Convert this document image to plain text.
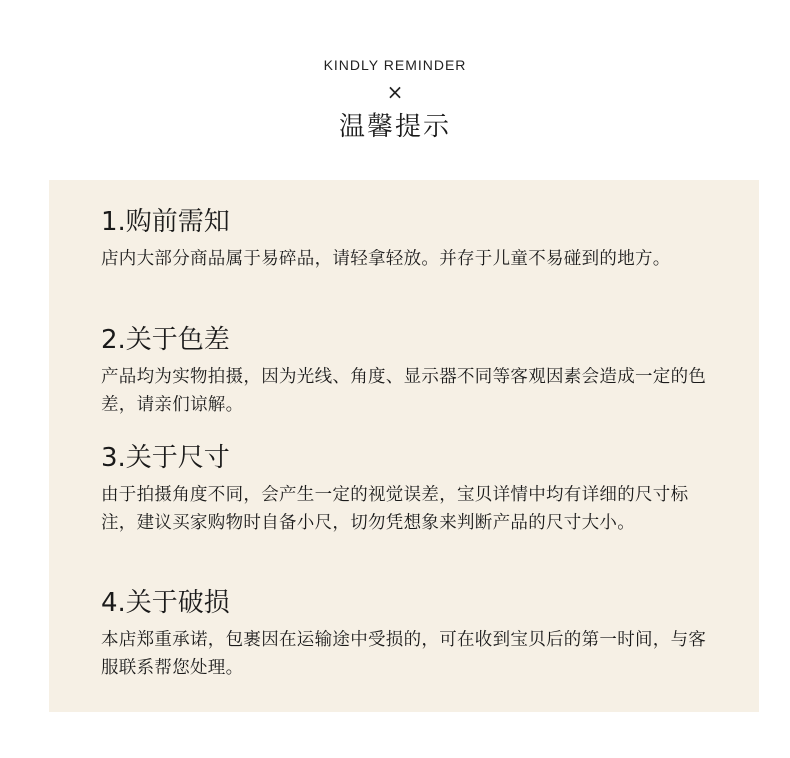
KINDLY REMINDER
×
温馨提示
1.购前需知

店内大部分商品属于易碎品，请轻拿轻放。并存于儿童不易碰到的地方。

2.关于色差

产品均为实物拍摄，因为光线、角度、显示器不同等客观因素会造成一定的色差，请亲们谅解。

3.关于尺寸

由于拍摄角度不同，会产生一定的视觉误差，宝贝详情中均有详细的尺寸标注，建议买家购物时自备小尺，切勿凭想象来判断产品的尺寸大小。

4.关于破损

本店郑重承诺，包裹因在运输途中受损的，可在收到宝贝后的第一时间，与客服联系帮您处理。
